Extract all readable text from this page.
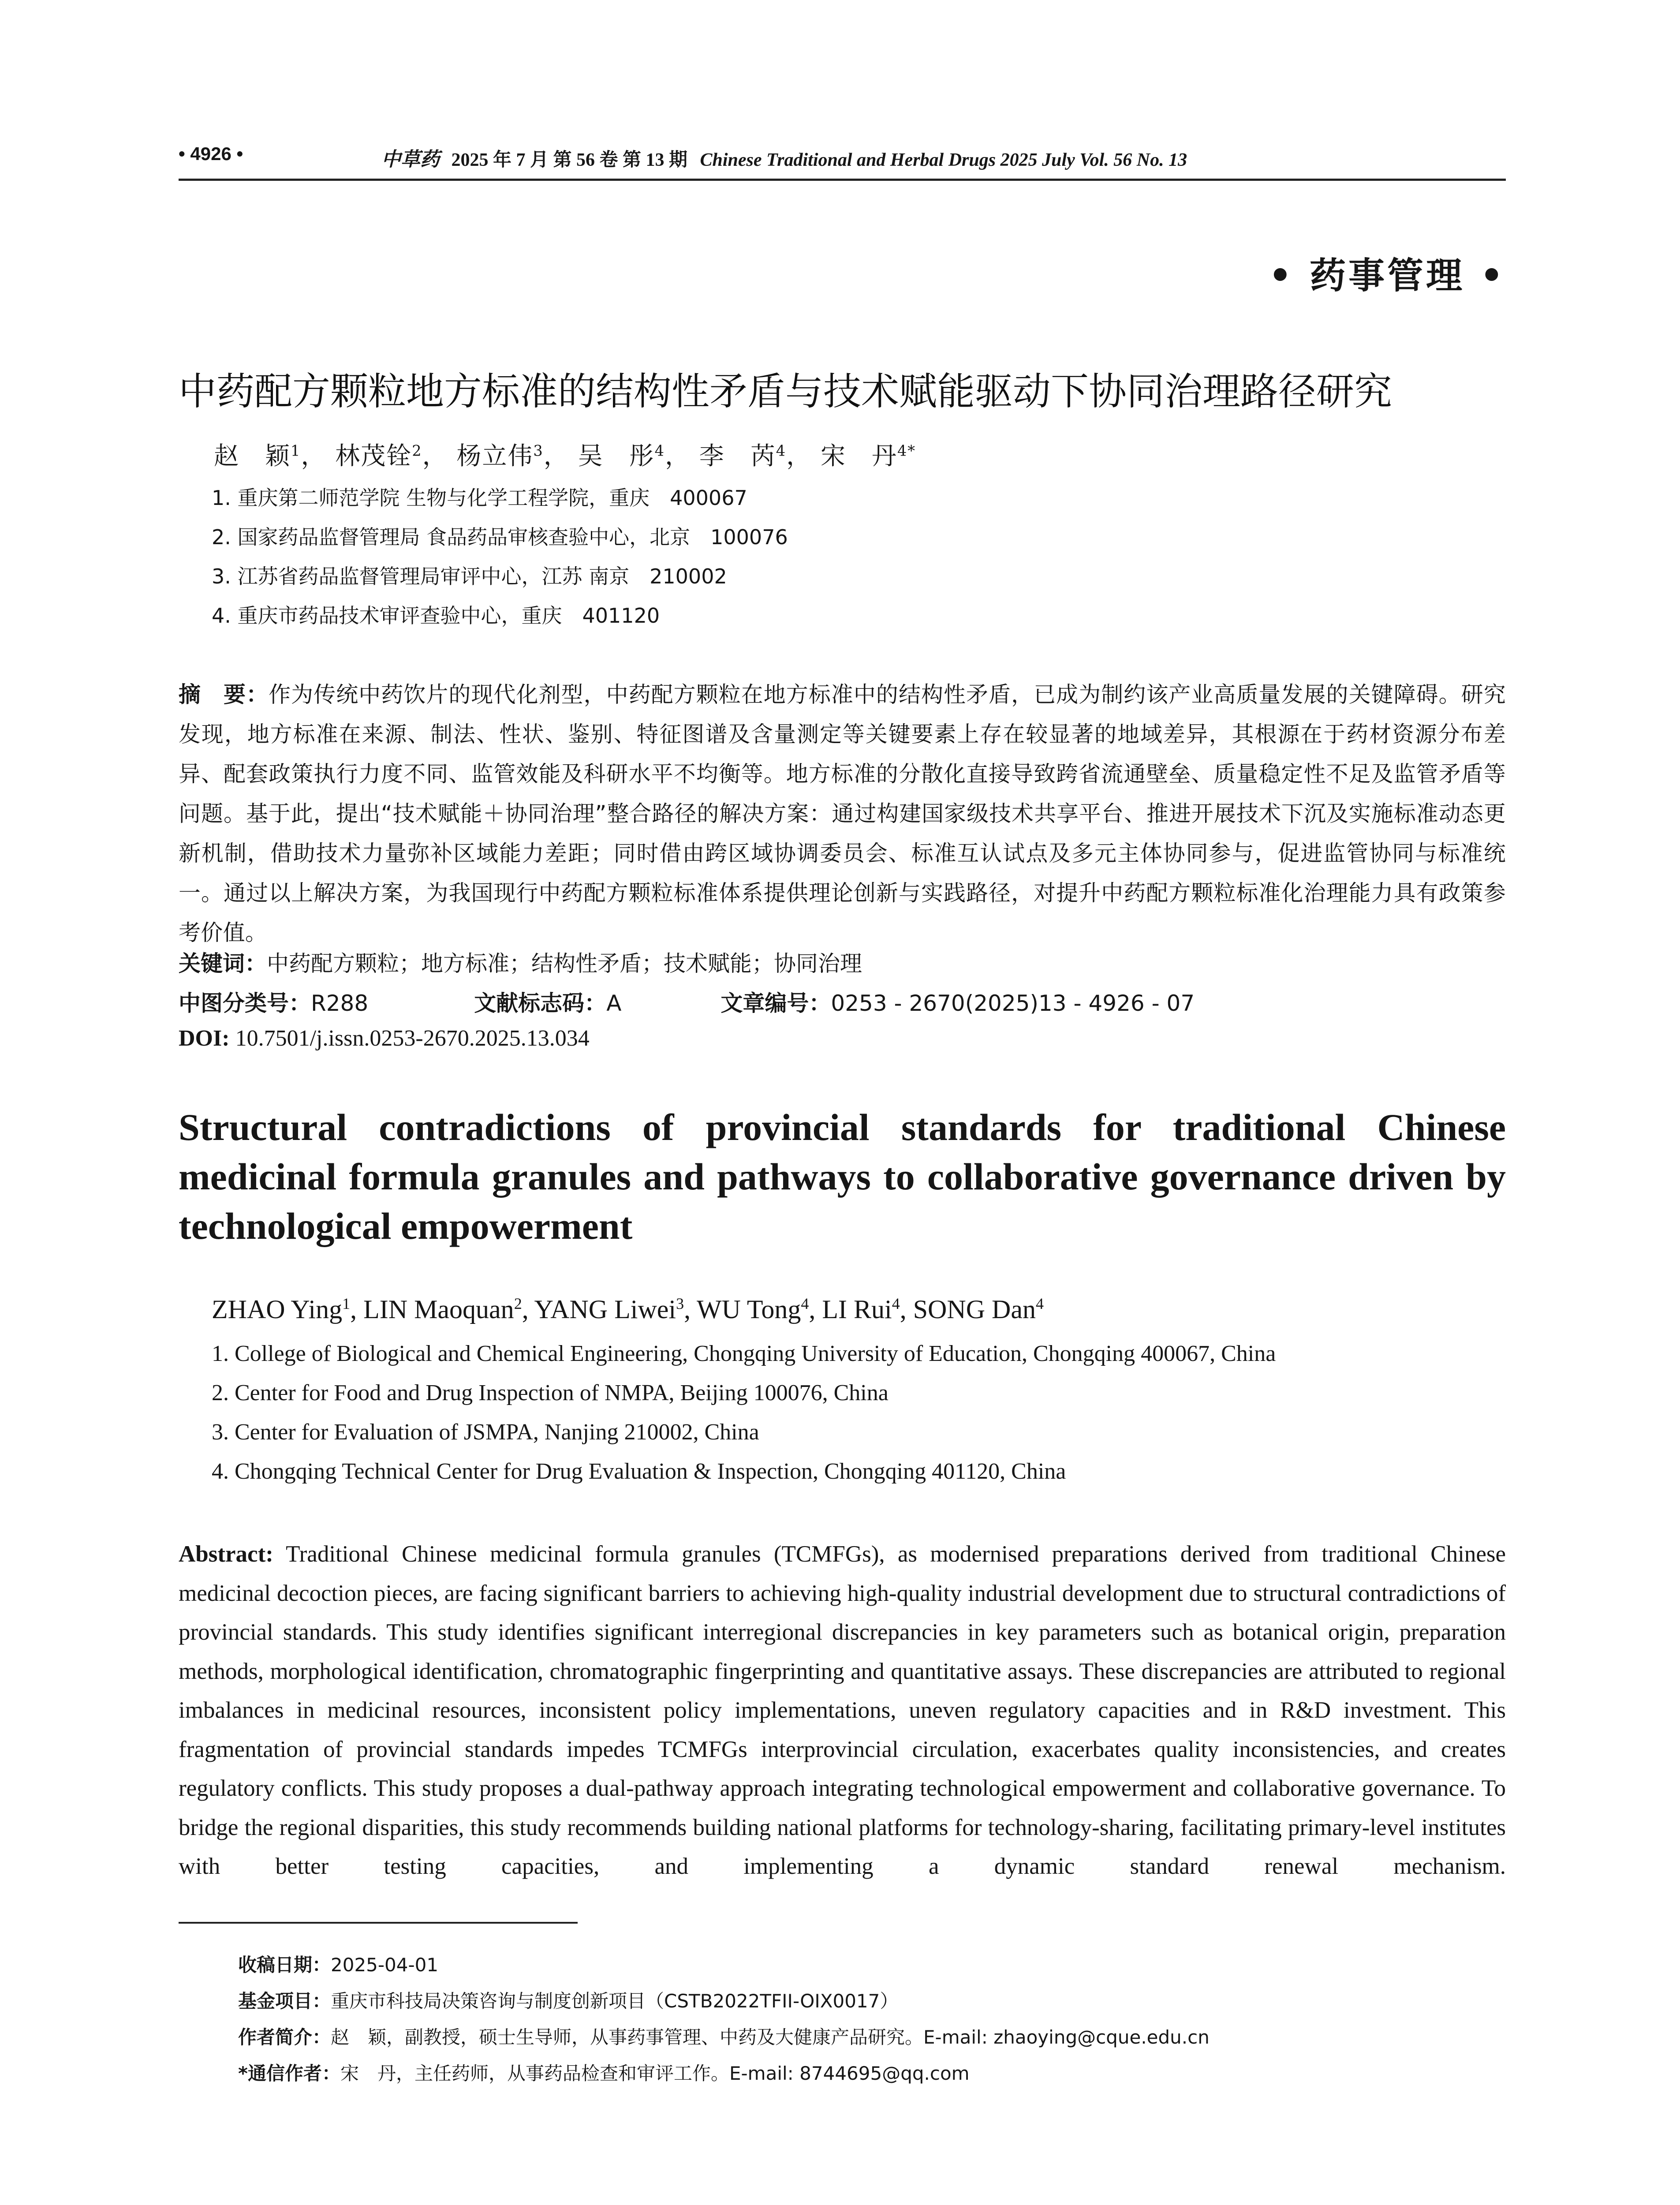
• 4926 •	中草药 2025 年 7 月 第 56 卷 第 13 期 Chinese Traditional and Herbal Drugs 2025 July Vol. 56 No. 13
• 药事管理 •
中药配方颗粒地方标准的结构性矛盾与技术赋能驱动下协同治理路径研究
赵　颖$^1$， 林茂铨$^2$， 杨立伟$^3$， 吴　彤$^4$， 李　芮$^4$， 宋　丹$^{4*}$
1. 重庆第二师范学院 生物与化学工程学院，重庆　400067
2. 国家药品监督管理局 食品药品审核查验中心，北京　100076
3. 江苏省药品监督管理局审评中心，江苏 南京　210002
4. 重庆市药品技术审评查验中心，重庆　401120

摘　要：作为传统中药饮片的现代化剂型，中药配方颗粒在地方标准中的结构性矛盾，已成为制约该产业高质量发展的关键障碍。研究发现，地方标准在来源、制法、性状、鉴别、特征图谱及含量测定等关键要素上存在较显著的地域差异，其根源在于药材资源分布差异、配套政策执行力度不同、监管效能及科研水平不均衡等。地方标准的分散化直接导致跨省流通壁垒、质量稳定性不足及监管矛盾等问题。基于此，提出“技术赋能＋协同治理”整合路径的解决方案：通过构建国家级技术共享平台、推进开展技术下沉及实施标准动态更新机制，借助技术力量弥补区域能力差距；同时借由跨区域协调委员会、标准互认试点及多元主体协同参与，促进监管协同与标准统一。通过以上解决方案，为我国现行中药配方颗粒标准体系提供理论创新与实践路径，对提升中药配方颗粒标准化治理能力具有政策参考价值。

关键词：中药配方颗粒；地方标准；结构性矛盾；技术赋能；协同治理
中图分类号：R288	文献标志码：A	文章编号：0253 - 2670(2025)13 - 4926 - 07
DOI: 10.7501/j.issn.0253-2670.2025.13.034
Structural contradictions of provincial standards for traditional Chinese medicinal formula granules and pathways to collaborative governance driven by technological empowerment
ZHAO Ying$^1$, LIN Maoquan$^2$, YANG Liwei$^3$, WU Tong$^4$, LI Rui$^4$, SONG Dan$^4$
1. College of Biological and Chemical Engineering, Chongqing University of Education, Chongqing 400067, China
2. Center for Food and Drug Inspection of NMPA, Beijing 100076, China
3. Center for Evaluation of JSMPA, Nanjing 210002, China
4. Chongqing Technical Center for Drug Evaluation & Inspection, Chongqing 401120, China

Abstract: Traditional Chinese medicinal formula granules (TCMFGs), as modernised preparations derived from traditional Chinese medicinal decoction pieces, are facing significant barriers to achieving high-quality industrial development due to structural contradictions of provincial standards. This study identifies significant interregional discrepancies in key parameters such as botanical origin, preparation methods, morphological identification, chromatographic fingerprinting and quantitative assays. These discrepancies are attributed to regional imbalances in medicinal resources, inconsistent policy implementations, uneven regulatory capacities and in R&D investment. This fragmentation of provincial standards impedes TCMFGs interprovincial circulation, exacerbates quality inconsistencies, and creates regulatory conflicts. This study proposes a dual-pathway approach integrating technological empowerment and collaborative governance. To bridge the regional disparities, this study recommends building national platforms for technology-sharing, facilitating primary-level institutes with better testing capacities, and implementing a dynamic standard renewal mechanism.

收稿日期：2025-04-01
基金项目：重庆市科技局决策咨询与制度创新项目（CSTB2022TFII-OIX0017）
作者简介：赵　颖，副教授，硕士生导师，从事药事管理、中药及大健康产品研究。E-mail: zhaoying@cque.edu.cn
*通信作者：宋　丹，主任药师，从事药品检查和审评工作。E-mail: 8744695@qq.com
